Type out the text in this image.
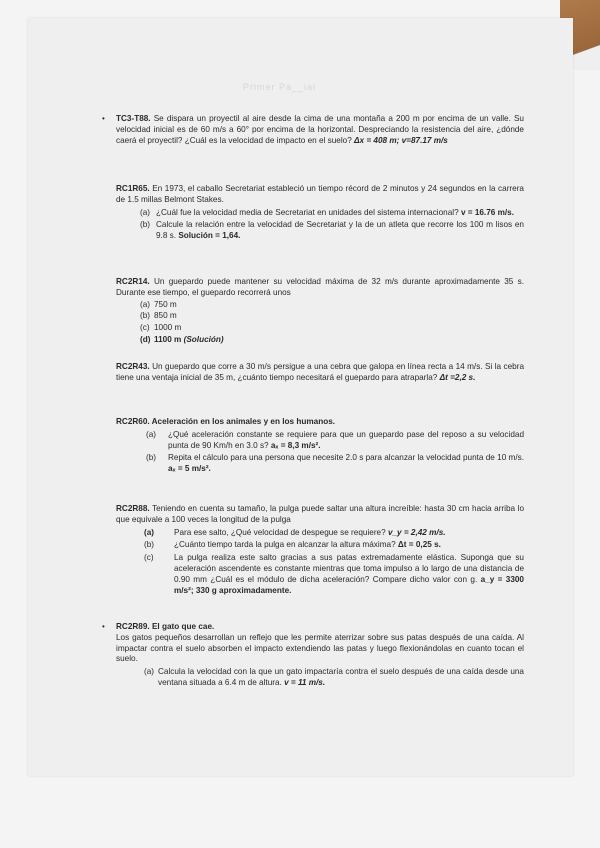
Primer Pa__ial
• TC3-T88. Se dispara un proyectil al aire desde la cima de una montaña a 200 m por encima de un valle. Su velocidad inicial es de 60 m/s a 60° por encima de la horizontal. Despreciando la resistencia del aire, ¿dónde caerá el proyectil? ¿Cuál es la velocidad de impacto en el suelo? Δx = 408 m; v=87.17 m/s

RC1R65. En 1973, el caballo Secretariat estableció un tiempo récord de 2 minutos y 24 segundos en la carrera de 1.5 millas Belmont Stakes.

(a) ¿Cuál fue la velocidad media de Secretariat en unidades del sistema internacional? v = 16.76 m/s.
(b) Calcule la relación entre la velocidad de Secretariat y la de un atleta que recorre los 100 m lisos en 9.8 s. Solución = 1,64.

RC2R14. Un guepardo puede mantener su velocidad máxima de 32 m/s durante aproximadamente 35 s. Durante ese tiempo, el guepardo recorrerá unos

(a) 750 m
(b) 850 m
(c) 1000 m
(d) 1100 m (Solución)

RC2R43. Un guepardo que corre a 30 m/s persigue a una cebra que galopa en línea recta a 14 m/s. Si la cebra tiene una ventaja inicial de 35 m, ¿cuánto tiempo necesitará el guepardo para atraparla? Δt =2,2 s.

RC2R60. Aceleración en los animales y en los humanos.

(a)	¿Qué aceleración constante se requiere para que un guepardo pase del reposo a su velocidad punta de 90 Km/h en 3.0 s? aₓ = 8,3 m/s².
(b)	Repita el cálculo para una persona que necesite 2.0 s para alcanzar la velocidad punta de 10 m/s. aₓ = 5 m/s².

RC2R88. Teniendo en cuenta su tamaño, la pulga puede saltar una altura increíble: hasta 30 cm hacia arriba lo que equivale a 100 veces la longitud de la pulga

(a)	Para ese salto, ¿Qué velocidad de despegue se requiere? v_y = 2,42 m/s.
(b)	¿Cuánto tiempo tarda la pulga en alcanzar la altura máxima? Δt = 0,25 s.
(c)	La pulga realiza este salto gracias a sus patas extremadamente elástica. Suponga que su aceleración ascendente es constante mientras que toma impulso a lo largo de una distancia de 0.90 mm ¿Cuál es el módulo de dicha aceleración? Compare dicho valor con g. a_y = 3300 m/s²; 330 g aproximadamente.
• RC2R89. El gato que cae.

Los gatos pequeños desarrollan un reflejo que les permite aterrizar sobre sus patas después de una caída. Al impactar contra el suelo absorben el impacto extendiendo las patas y luego flexionándolas en cuanto tocan el suelo.

(a) Calcula la velocidad con la que un gato impactaría contra el suelo después de una caída desde una ventana situada a 6.4 m de altura. v = 11 m/s.
